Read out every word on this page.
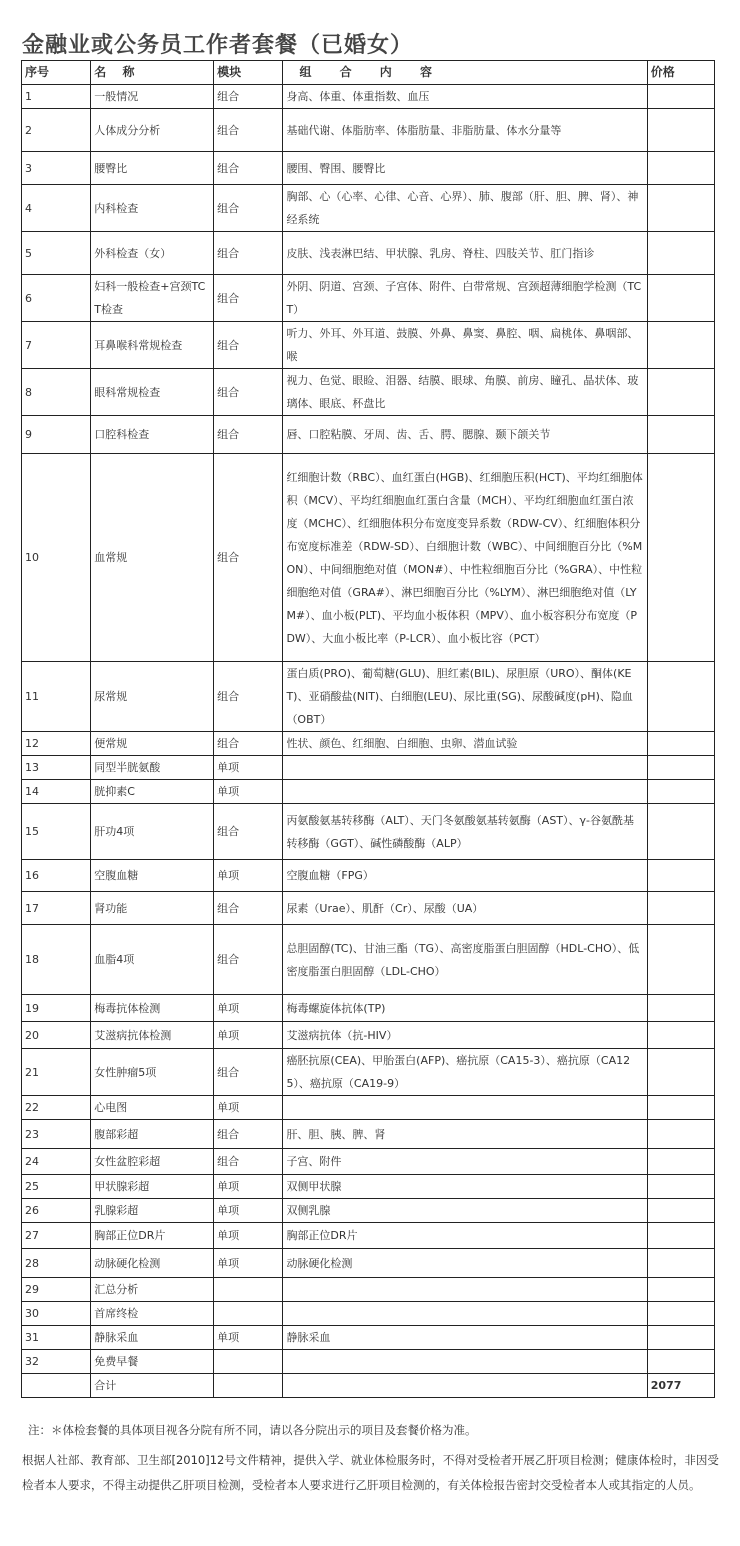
金融业或公务员工作者套餐（已婚女）
序号	名 称	模块	组 合 内 容	价格
1	一般情况	组合	身高、体重、体重指数、血压	
2	人体成分分析	组合	基础代谢、体脂肪率、体脂肪量、非脂肪量、体水分量等	
3	腰臀比	组合	腰围、臀围、腰臀比	
4	内科检查	组合	胸部、心（心率、心律、心音、心界）、肺、腹部（肝、胆、脾、肾）、神经系统	
5	外科检查（女）	组合	皮肤、浅表淋巴结、甲状腺、乳房、脊柱、四肢关节、肛门指诊	
6	妇科一般检查+宫颈TCT检查	组合	外阴、阴道、宫颈、子宫体、附件、白带常规、宫颈超薄细胞学检测（TCT）	
7	耳鼻喉科常规检查	组合	听力、外耳、外耳道、鼓膜、外鼻、鼻窦、鼻腔、咽、扁桃体、鼻咽部、喉	
8	眼科常规检查	组合	视力、色觉、眼睑、泪器、结膜、眼球、角膜、前房、瞳孔、晶状体、玻璃体、眼底、杯盘比	
9	口腔科检查	组合	唇、口腔粘膜、牙周、齿、舌、腭、腮腺、颞下颌关节	
10	血常规	组合	红细胞计数（RBC）、血红蛋白(HGB)、红细胞压积(HCT)、平均红细胞体积（MCV）、平均红细胞血红蛋白含量（MCH）、平均红细胞血红蛋白浓度（MCHC）、红细胞体积分布宽度变异系数（RDW-CV）、红细胞体积分布宽度标准差（RDW-SD）、白细胞计数（WBC）、中间细胞百分比（%MON）、中间细胞绝对值（MON#）、中性粒细胞百分比（%GRA）、中性粒细胞绝对值（GRA#）、淋巴细胞百分比（%LYM）、淋巴细胞绝对值（LYM#）、血小板(PLT)、平均血小板体积（MPV）、血小板容积分布宽度（PDW）、大血小板比率（P-LCR）、血小板比容（PCT）	
11	尿常规	组合	蛋白质(PRO)、葡萄糖(GLU)、胆红素(BIL)、尿胆原（URO）、酮体(KET)、亚硝酸盐(NIT)、白细胞(LEU)、尿比重(SG)、尿酸碱度(pH)、隐血（OBT）	
12	便常规	组合	性状、颜色、红细胞、白细胞、虫卵、潜血试验	
13	同型半胱氨酸	单项		
14	胱抑素C	单项		
15	肝功4项	组合	丙氨酸氨基转移酶（ALT）、天门冬氨酸氨基转氨酶（AST）、γ-谷氨酰基转移酶（GGT）、碱性磷酸酶（ALP）	
16	空腹血糖	单项	空腹血糖（FPG）	
17	肾功能	组合	尿素（Urae）、肌酐（Cr）、尿酸（UA）	
18	血脂4项	组合	总胆固醇(TC)、甘油三酯（TG）、高密度脂蛋白胆固醇（HDL-CHO）、低密度脂蛋白胆固醇（LDL-CHO）	
19	梅毒抗体检测	单项	梅毒螺旋体抗体(TP)	
20	艾滋病抗体检测	单项	艾滋病抗体（抗-HIV）	
21	女性肿瘤5项	组合	癌胚抗原(CEA)、甲胎蛋白(AFP)、癌抗原（CA15-3）、癌抗原（CA125）、癌抗原（CA19-9）	
22	心电图	单项		
23	腹部彩超	组合	肝、胆、胰、脾、肾	
24	女性盆腔彩超	组合	子宫、附件	
25	甲状腺彩超	单项	双侧甲状腺	
26	乳腺彩超	单项	双侧乳腺	
27	胸部正位DR片	单项	胸部正位DR片	
28	动脉硬化检测	单项	动脉硬化检测	
29	汇总分析			
30	首席终检			
31	静脉采血	单项	静脉采血	
32	免费早餐			
	合计			2077

注：＊体检套餐的具体项目视各分院有所不同，请以各分院出示的项目及套餐价格为准。

根据人社部、教育部、卫生部[2010]12号文件精神，提供入学、就业体检服务时，不得对受检者开展乙肝项目检测；健康体检时，非因受检者本人要求，不得主动提供乙肝项目检测，受检者本人要求进行乙肝项目检测的，有关体检报告密封交受检者本人或其指定的人员。
